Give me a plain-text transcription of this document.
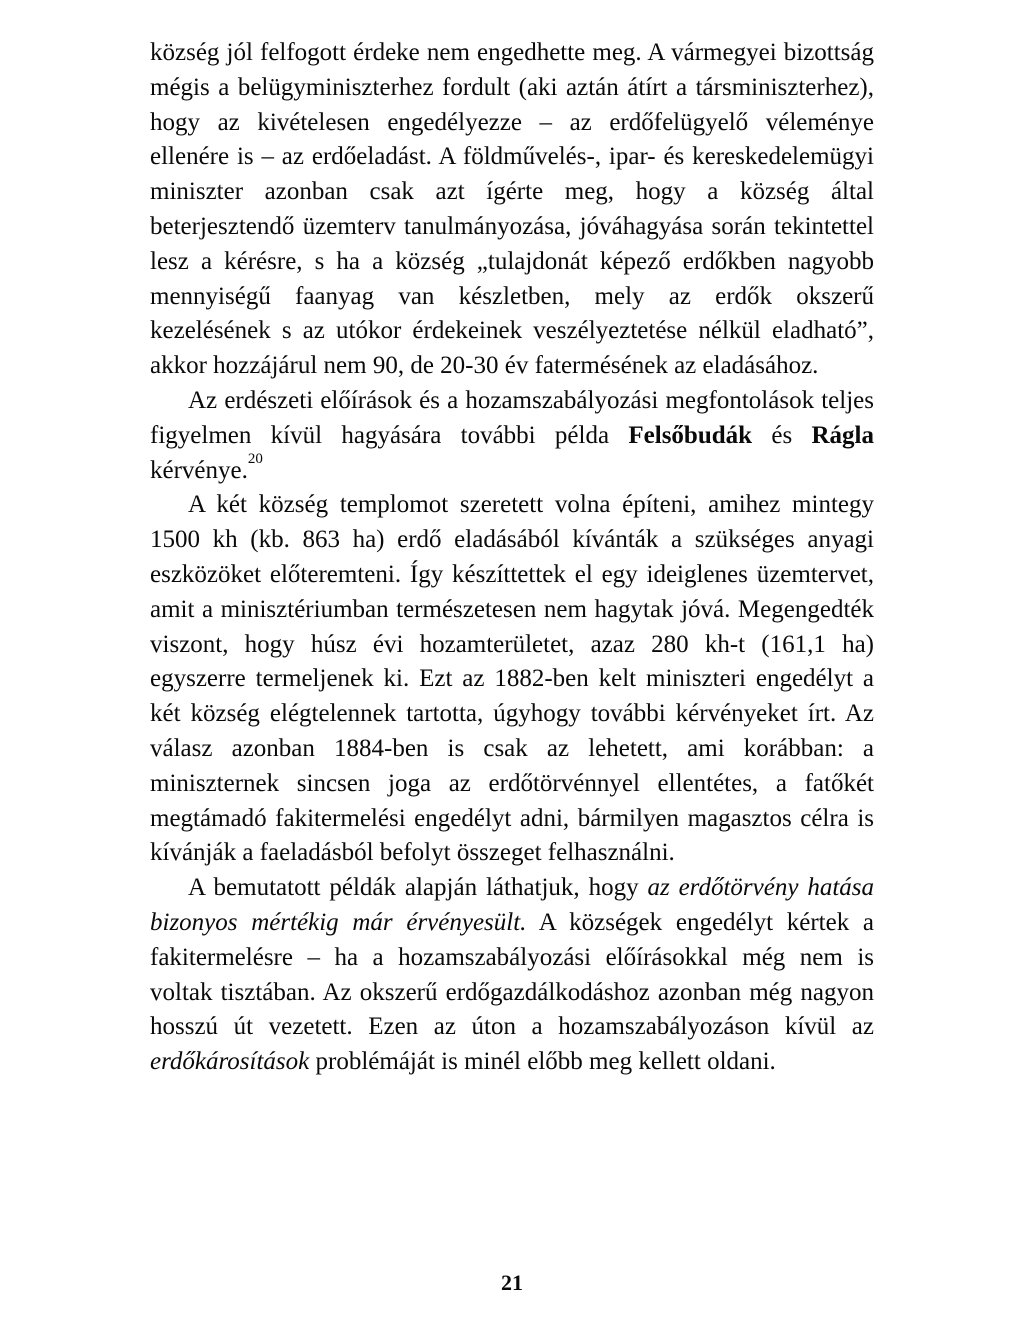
község jól felfogott érdeke nem engedhette meg. A vármegyei bizottság mégis a belügyminiszterhez fordult (aki aztán átírt a társminiszterhez), hogy az kivételesen engedélyezze – az erdőfelügyelő véleménye ellenére is – az erdőeladást. A földművelés-, ipar- és kereskedelemügyi miniszter azonban csak azt ígérte meg, hogy a község által beterjesztendő üzemterv tanulmányozása, jóváhagyása során tekintettel lesz a kérésre, s ha a község „tulajdonát képező erdőkben nagyobb mennyiségű faanyag van készletben, mely az erdők okszerű kezelésének s az utókor érdekeinek veszélyeztetése nélkül eladható”, akkor hozzájárul nem 90, de 20-30 év fatermésének az eladásához.

Az erdészeti előírások és a hozamszabályozási megfontolások teljes figyelmen kívül hagyására további példa Felsőbudák és Rágla kérvénye.$^{20}$

A két község templomot szeretett volna építeni, amihez mintegy 1500 kh (kb. 863 ha) erdő eladásából kívánták a szükséges anyagi eszközöket előteremteni. Így készíttettek el egy ideiglenes üzemtervet, amit a minisztériumban természetesen nem hagytak jóvá. Megengedték viszont, hogy húsz évi hozamterületet, azaz 280 kh-t (161,1 ha) egyszerre termeljenek ki. Ezt az 1882-ben kelt miniszteri engedélyt a két község elégtelennek tartotta, úgyhogy további kérvényeket írt. Az válasz azonban 1884-ben is csak az lehetett, ami korábban: a miniszternek sincsen joga az erdőtörvénnyel ellentétes, a fatőkét megtámadó fakitermelési engedélyt adni, bármilyen magasztos célra is kívánják a faeladásból befolyt összeget felhasználni.

A bemutatott példák alapján láthatjuk, hogy az erdőtörvény hatása bizonyos mértékig már érvényesült. A községek engedélyt kértek a fakitermelésre – ha a hozamszabályozási előírásokkal még nem is voltak tisztában. Az okszerű erdőgazdálkodáshoz azonban még nagyon hosszú út vezetett. Ezen az úton a hozamszabályozáson kívül az erdőkárosítások problémáját is minél előbb meg kellett oldani.

21
